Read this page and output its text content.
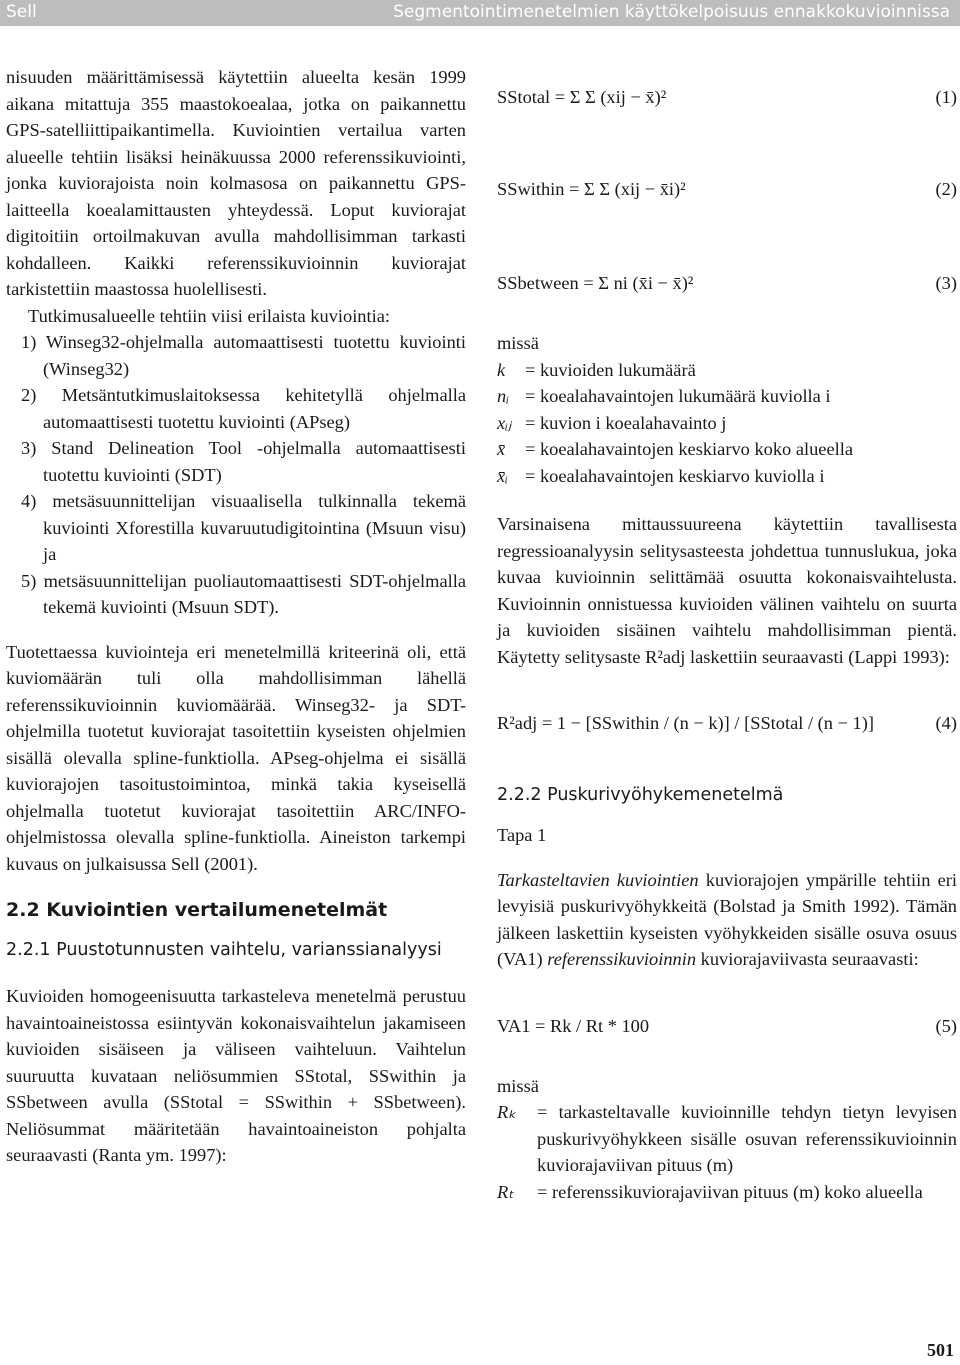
Sell	Segmentointimenetelmien käyttökelpoisuus ennakkokuvioinnissa

nisuuden määrittämisessä käytettiin alueelta kesän 1999 aikana mitattuja 355 maastokoealaa, jotka on paikannettu GPS-satelliittipaikantimella. Kuviointien vertailua varten alueelle tehtiin lisäksi heinäkuussa 2000 referenssikuviointi, jonka kuviorajoista noin kolmasosa on paikannettu GPS-laitteella koealamittausten yhteydessä. Loput kuviorajat digitoitiin ortoilmakuvan avulla mahdollisimman tarkasti kohdalleen. Kaikki referenssikuvioinnin kuviorajat tarkistettiin maastossa huolellisesti.

Tutkimusalueelle tehtiin viisi erilaista kuviointia:

1) Winseg32-ohjelmalla automaattisesti tuotettu kuviointi (Winseg32)

2) Metsäntutkimuslaitoksessa kehitetyllä ohjelmalla automaattisesti tuotettu kuviointi (APseg)

3) Stand Delineation Tool -ohjelmalla automaattisesti tuotettu kuviointi (SDT)

4) metsäsuunnittelijan visuaalisella tulkinnalla tekemä kuviointi Xforestilla kuvaruutudigitointina (Msuun visu) ja

5) metsäsuunnittelijan puoliautomaattisesti SDT-ohjelmalla tekemä kuviointi (Msuun SDT).

Tuotettaessa kuviointeja eri menetelmillä kriteerinä oli, että kuviomäärän tuli olla mahdollisimman lähellä referenssikuvioinnin kuviomäärää. Winseg32- ja SDT-ohjelmilla tuotetut kuviorajat tasoitettiin kyseisten ohjelmien sisällä olevalla spline-funktiolla. APseg-ohjelma ei sisällä kuviorajojen tasoitustoimintoa, minkä takia kyseisellä ohjelmalla tuotetut kuviorajat tasoitettiin ARC/INFO-ohjelmistossa olevalla spline-funktiolla. Aineiston tarkempi kuvaus on julkaisussa Sell (2001).

2.2 Kuviointien vertailumenetelmät
2.2.1 Puustotunnusten vaihtelu, varianssianalyysi

Kuvioiden homogeenisuutta tarkasteleva menetelmä perustuu havaintoaineistossa esiintyvän kokonaisvaihtelun jakamiseen kuvioiden sisäiseen ja väliseen vaihteluun. Vaihtelun suuruutta kuvataan neliösummien SStotal, SSwithin ja SSbetween avulla (SStotal = SSwithin + SSbetween). Neliösummat määritetään havaintoaineiston pohjalta seuraavasti (Ranta ym. 1997):

SStotal = Σ Σ (xij − x̄)²	(1)
SSwithin = Σ Σ (xij − x̄i)²	(2)
SSbetween = Σ ni (x̄i − x̄)²	(3)

missä

k	= kuvioiden lukumäärä
nᵢ = koealahavaintojen lukumäärä kuviolla i
xᵢⱼ = kuvion i koealahavainto j
x̄	= koealahavaintojen keskiarvo koko alueella
x̄ᵢ = koealahavaintojen keskiarvo kuviolla i

Varsinaisena mittaussuureena käytettiin tavallisesta regressioanalyysin selitysasteesta johdettua tunnuslukua, joka kuvaa kuvioinnin selittämää osuutta kokonaisvaihtelusta. Kuvioinnin onnistuessa kuvioiden välinen vaihtelu on suurta ja kuvioiden sisäinen vaihtelu mahdollisimman pientä. Käytetty selitysaste R²adj laskettiin seuraavasti (Lappi 1993):

R²adj = 1 − [SSwithin / (n − k)] / [SStotal / (n − 1)]	(4)
2.2.2 Puskurivyöhykemenetelmä

Tapa 1

Tarkasteltavien kuviointien kuviorajojen ympärille tehtiin eri levyisiä puskurivyöhykkeitä (Bolstad ja Smith 1992). Tämän jälkeen laskettiin kyseisten vyöhykkeiden sisälle osuva osuus (VA1) referenssikuvioinnin kuviorajaviivasta seuraavasti:

VA1 = Rk / Rt * 100	(5)

missä

Rₖ	= tarkasteltavalle kuvioinnille tehdyn tietyn levyisen puskurivyöhykkeen sisälle osuvan referenssikuvioinnin kuviorajaviivan pituus (m)
Rₜ	= referenssikuviorajaviivan pituus (m) koko alueella
501
